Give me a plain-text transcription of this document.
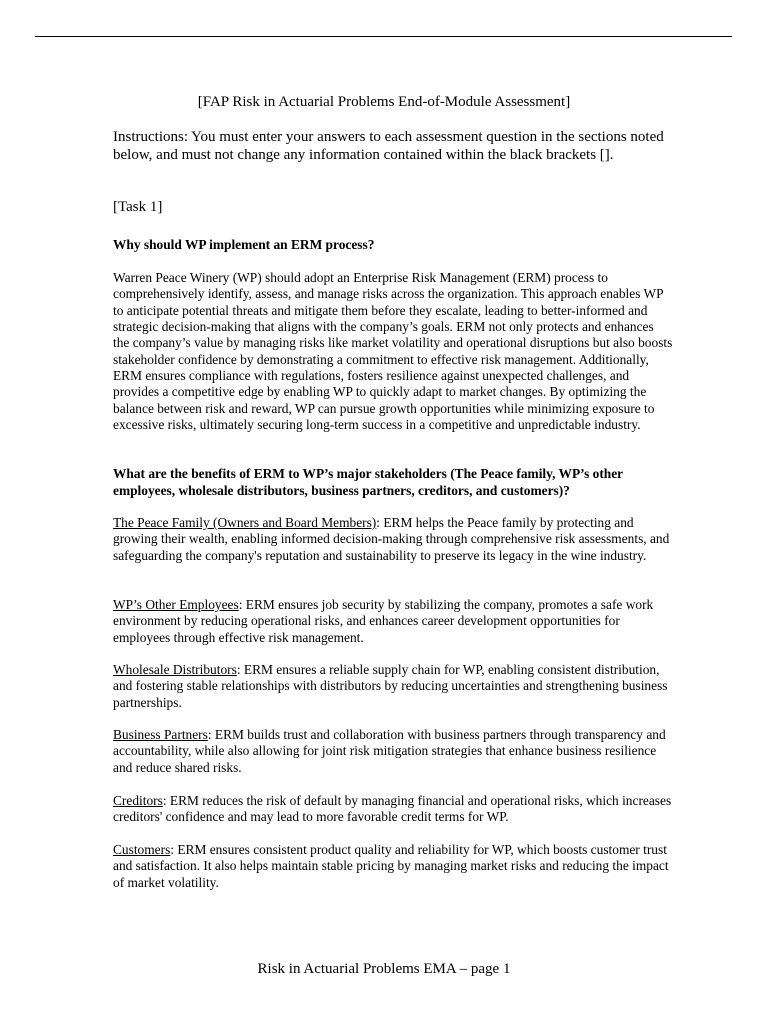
[FAP Risk in Actuarial Problems End-of-Module Assessment]

Instructions: You must enter your answers to each assessment question in the sections noted below, and must not change any information contained within the black brackets [].

[Task 1]

Why should WP implement an ERM process?

Warren Peace Winery (WP) should adopt an Enterprise Risk Management (ERM) process to comprehensively identify, assess, and manage risks across the organization. This approach enables WP to anticipate potential threats and mitigate them before they escalate, leading to better-informed and strategic decision-making that aligns with the company’s goals. ERM not only protects and enhances the company’s value by managing risks like market volatility and operational disruptions but also boosts stakeholder confidence by demonstrating a commitment to effective risk management. Additionally, ERM ensures compliance with regulations, fosters resilience against unexpected challenges, and provides a competitive edge by enabling WP to quickly adapt to market changes. By optimizing the balance between risk and reward, WP can pursue growth opportunities while minimizing exposure to excessive risks, ultimately securing long-term success in a competitive and unpredictable industry.

What are the benefits of ERM to WP’s major stakeholders (The Peace family, WP’s other employees, wholesale distributors, business partners, creditors, and customers)?

The Peace Family (Owners and Board Members): ERM helps the Peace family by protecting and growing their wealth, enabling informed decision-making through comprehensive risk assessments, and safeguarding the company's reputation and sustainability to preserve its legacy in the wine industry.

WP’s Other Employees: ERM ensures job security by stabilizing the company, promotes a safe work environment by reducing operational risks, and enhances career development opportunities for employees through effective risk management.

Wholesale Distributors: ERM ensures a reliable supply chain for WP, enabling consistent distribution, and fostering stable relationships with distributors by reducing uncertainties and strengthening business partnerships.

Business Partners: ERM builds trust and collaboration with business partners through transparency and accountability, while also allowing for joint risk mitigation strategies that enhance business resilience and reduce shared risks.

Creditors: ERM reduces the risk of default by managing financial and operational risks, which increases creditors' confidence and may lead to more favorable credit terms for WP.

Customers: ERM ensures consistent product quality and reliability for WP, which boosts customer trust and satisfaction. It also helps maintain stable pricing by managing market risks and reducing the impact of market volatility.

Risk in Actuarial Problems EMA – page 1
